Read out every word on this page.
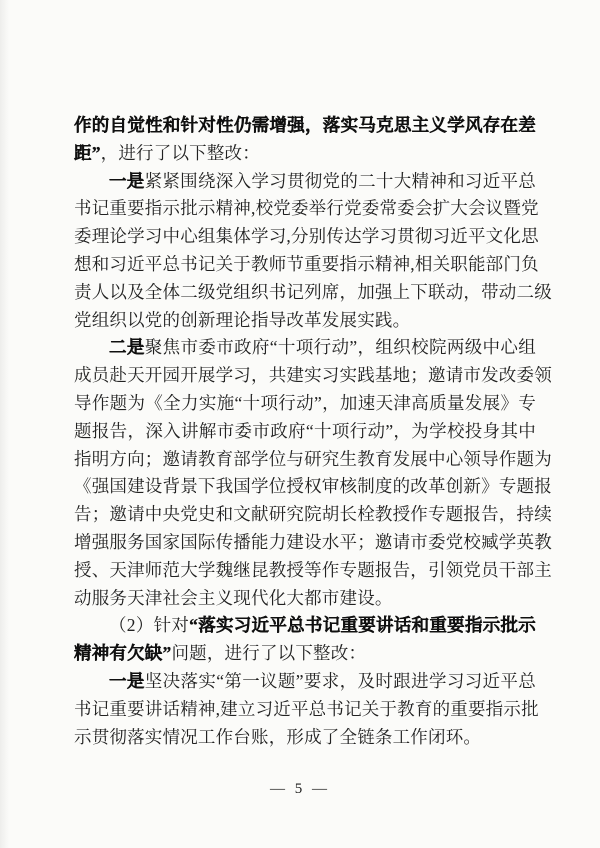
作的自觉性和针对性仍需增强，落实马克思主义学风存在差
距”，进行了以下整改：
一是紧紧围绕深入学习贯彻党的二十大精神和习近平总
书记重要指示批示精神,校党委举行党委常委会扩大会议暨党
委理论学习中心组集体学习,分别传达学习贯彻习近平文化思
想和习近平总书记关于教师节重要指示精神,相关职能部门负
责人以及全体二级党组织书记列席，加强上下联动，带动二级
党组织以党的创新理论指导改革发展实践。
二是聚焦市委市政府“十项行动”，组织校院两级中心组
成员赴天开园开展学习，共建实习实践基地；邀请市发改委领
导作题为《全力实施“十项行动”，加速天津高质量发展》专
题报告，深入讲解市委市政府“十项行动”，为学校投身其中
指明方向；邀请教育部学位与研究生教育发展中心领导作题为
《强国建设背景下我国学位授权审核制度的改革创新》专题报
告；邀请中央党史和文献研究院胡长栓教授作专题报告，持续
增强服务国家国际传播能力建设水平；邀请市委党校臧学英教
授、天津师范大学魏继昆教授等作专题报告，引领党员干部主
动服务天津社会主义现代化大都市建设。
（2）针对“落实习近平总书记重要讲话和重要指示批示
精神有欠缺”问题，进行了以下整改：
一是坚决落实“第一议题”要求，及时跟进学习习近平总
书记重要讲话精神,建立习近平总书记关于教育的重要指示批
示贯彻落实情况工作台账，形成了全链条工作闭环。
— 5 —
